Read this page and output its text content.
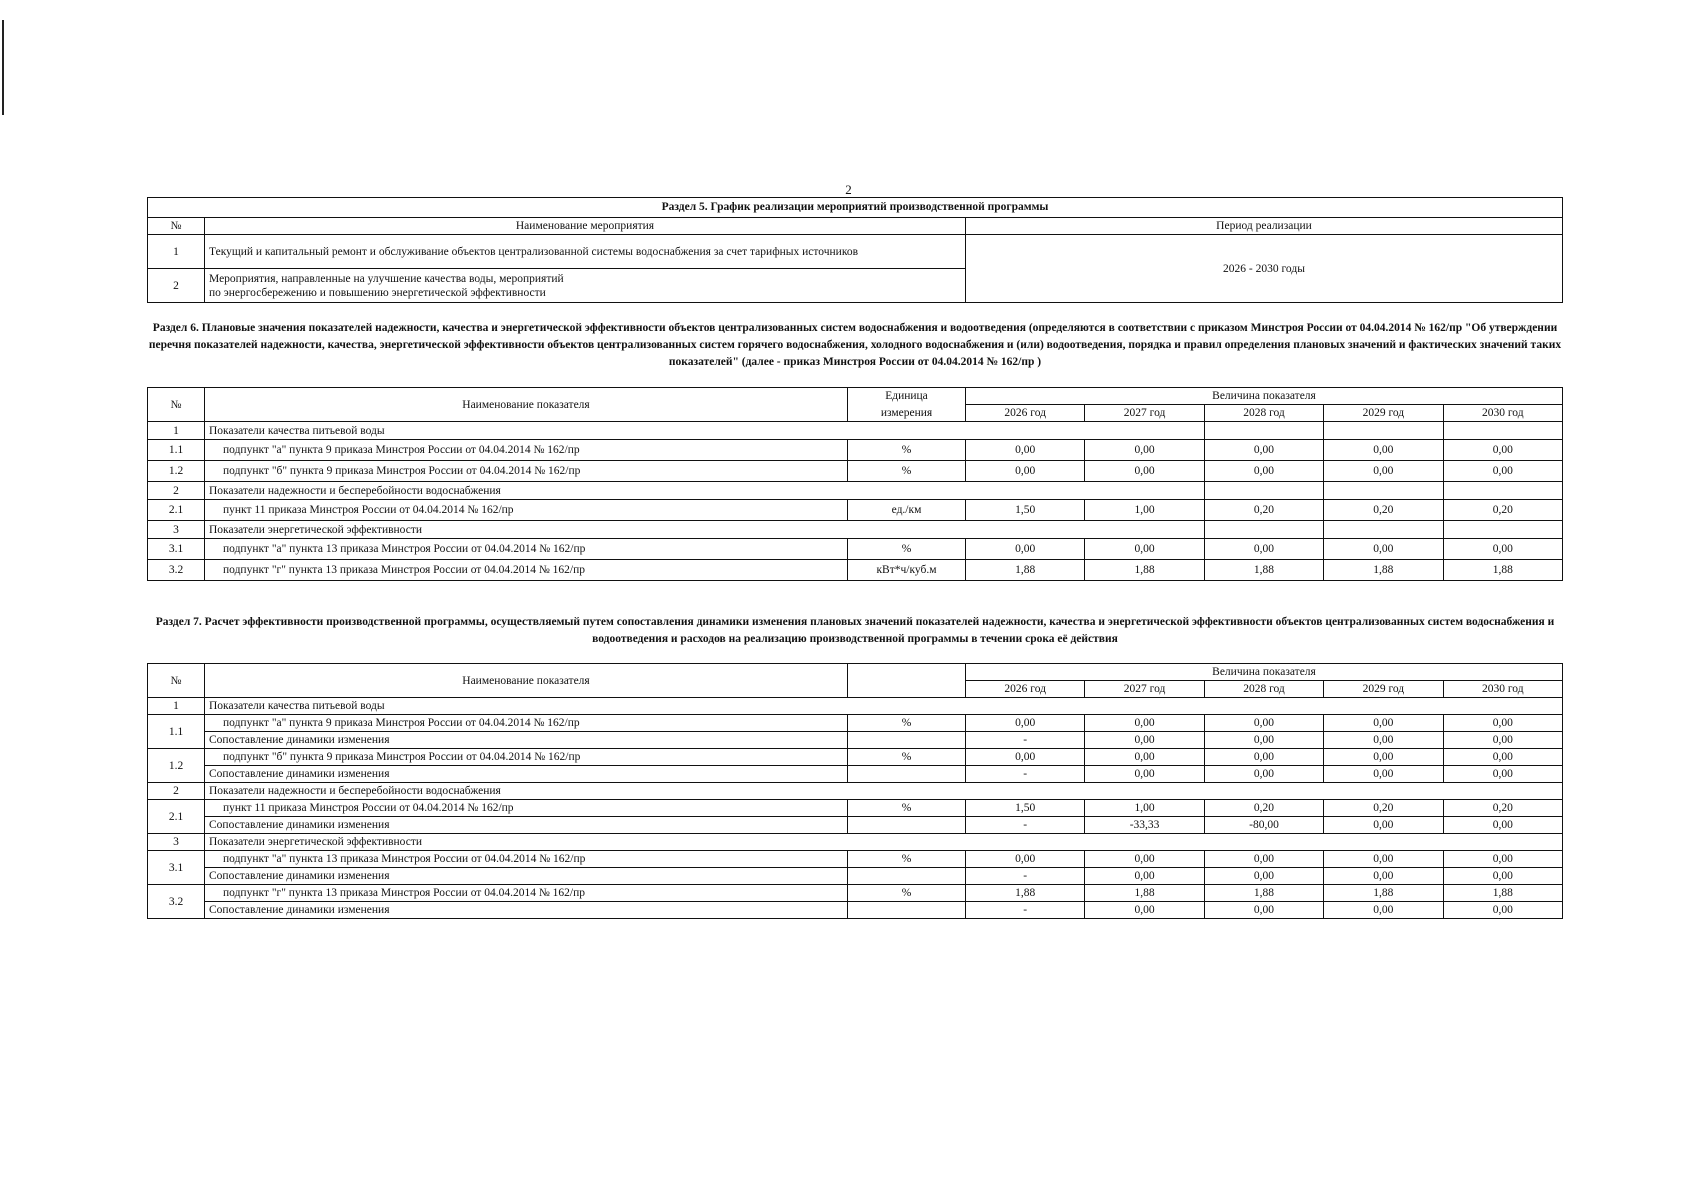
2
Раздел 5. График реализации мероприятий производственной программы		
№	Наименование мероприятия	Период реализации
1	Текущий и капитальный ремонт и обслуживание объектов централизованной системы водоснабжения за счет тарифных источников	2026 - 2030 годы
2	Мероприятия, направленные на улучшение качества воды, мероприятий
по энергосбережению и повышению энергетической эффективности	
Раздел 6. Плановые значения показателей надежности, качества и энергетической эффективности объектов централизованных систем водоснабжения и водоотведения (определяются в соответствии с приказом Минстроя России от 04.04.2014 № 162/пр "Об утверждении перечня показателей надежности, качества, энергетической эффективности объектов централизованных систем горячего водоснабжения, холодного водоснабжения и (или) водоотведения, порядка и правил определения плановых значений и фактических значений таких показателей" (далее - приказ Минстроя России от 04.04.2014 № 162/пр )
№	Наименование показателя	Единица	Величина показателя				
		измерения	2026 год	2027 год	2028 год	2029 год	2030 год
1	Показатели качества питьевой воды						
1.1	подпункт "а" пункта 9 приказа Минстроя России от 04.04.2014 № 162/пр	%	0,00	0,00	0,00	0,00	0,00
1.2	подпункт "б" пункта 9 приказа Минстроя России от 04.04.2014 № 162/пр	%	0,00	0,00	0,00	0,00	0,00
2	Показатели надежности и бесперебойности водоснабжения						
2.1	пункт 11 приказа Минстроя России от 04.04.2014 № 162/пр	ед./км	1,50	1,00	0,20	0,20	0,20
3	Показатели энергетической эффективности						
3.1	подпункт "а" пункта 13 приказа Минстроя России от 04.04.2014 № 162/пр	%	0,00	0,00	0,00	0,00	0,00
3.2	подпункт "г" пункта 13 приказа Минстроя России от 04.04.2014 № 162/пр	кВт*ч/куб.м	1,88	1,88	1,88	1,88	1,88
Раздел 7. Расчет эффективности производственной программы, осуществляемый путем сопоставления динамики изменения плановых значений показателей надежности, качества и энергетической эффективности объектов централизованных систем водоснабжения и водоотведения и расходов на реализацию производственной программы в течении срока её действия
№	Наименование показателя		Величина показателя				
			2026 год	2027 год	2028 год	2029 год	2030 год
1	Показатели качества питьевой воды						
1.1	подпункт "а" пункта 9 приказа Минстроя России от 04.04.2014 № 162/пр	%	0,00	0,00	0,00	0,00	0,00
	Сопоставление динамики изменения		-	0,00	0,00	0,00	0,00
1.2	подпункт "б" пункта 9 приказа Минстроя России от 04.04.2014 № 162/пр	%	0,00	0,00	0,00	0,00	0,00
	Сопоставление динамики изменения		-	0,00	0,00	0,00	0,00
2	Показатели надежности и бесперебойности водоснабжения						
2.1	пункт 11 приказа Минстроя России от 04.04.2014 № 162/пр	%	1,50	1,00	0,20	0,20	0,20
	Сопоставление динамики изменения		-	-33,33	-80,00	0,00	0,00
3	Показатели энергетической эффективности						
3.1	подпункт "а" пункта 13 приказа Минстроя России от 04.04.2014 № 162/пр	%	0,00	0,00	0,00	0,00	0,00
	Сопоставление динамики изменения		-	0,00	0,00	0,00	0,00
3.2	подпункт "г" пункта 13 приказа Минстроя России от 04.04.2014 № 162/пр	%	1,88	1,88	1,88	1,88	1,88
	Сопоставление динамики изменения		-	0,00	0,00	0,00	0,00
